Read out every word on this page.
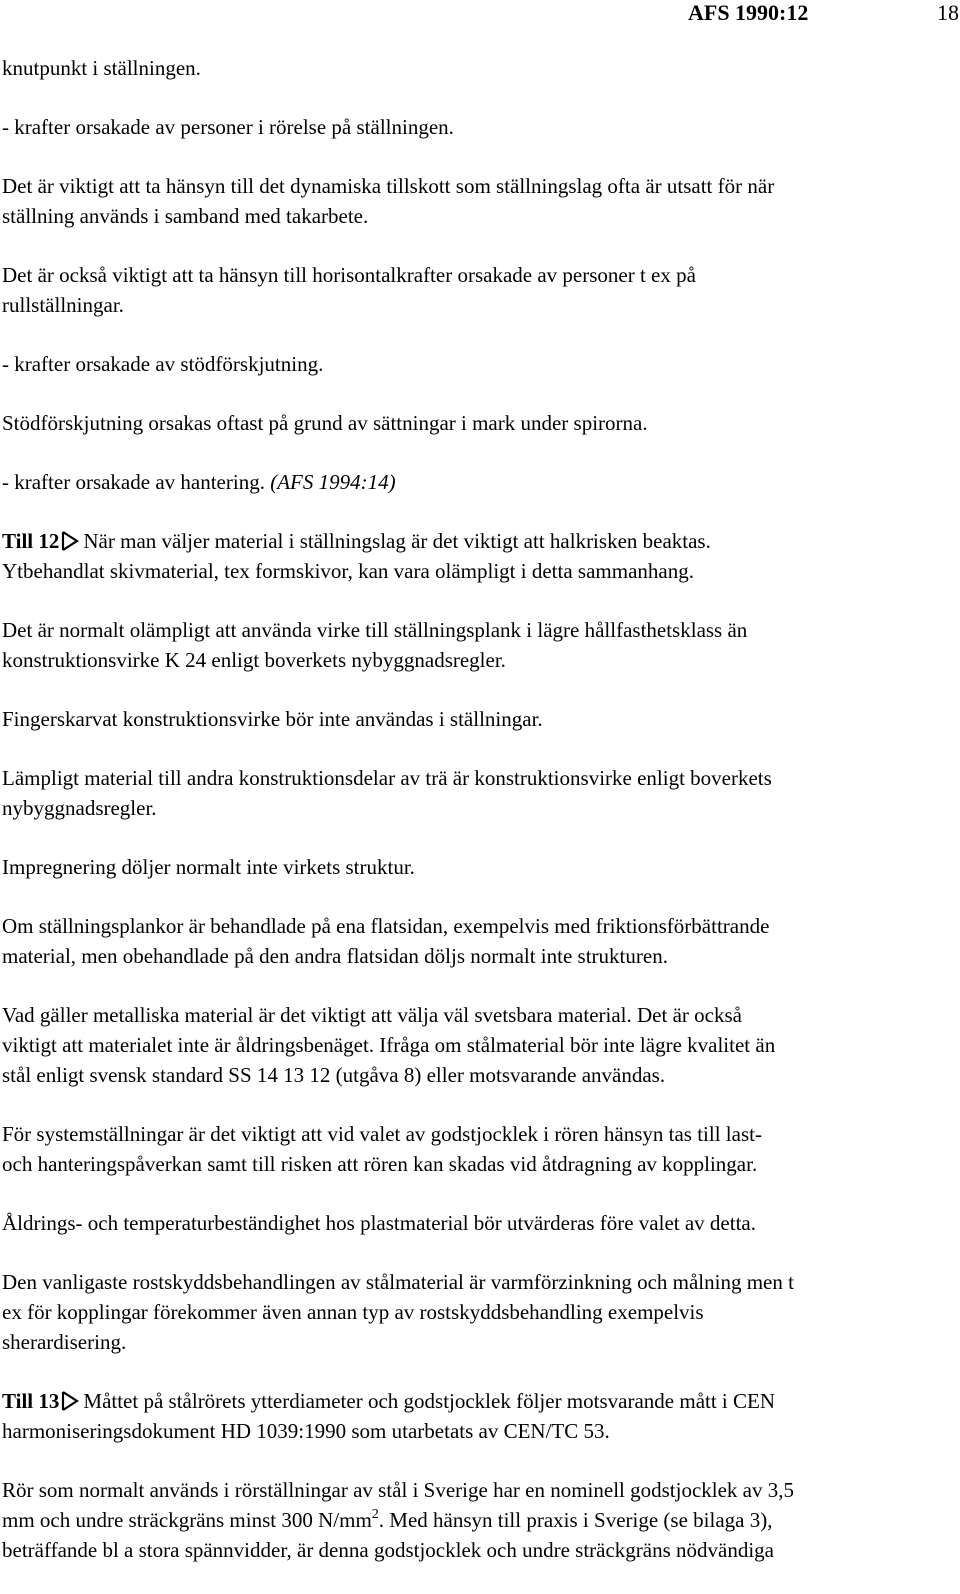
AFS 1990:12	18

knutpunkt i ställningen.

- krafter orsakade av personer i rörelse på ställningen.

Det är viktigt att ta hänsyn till det dynamiska tillskott som ställningslag ofta är utsatt för när
ställning används i samband med takarbete.

Det är också viktigt att ta hänsyn till horisontalkrafter orsakade av personer t ex på
rullställningar.

- krafter orsakade av stödförskjutning.

Stödförskjutning orsakas oftast på grund av sättningar i mark under spirorna.

- krafter orsakade av hantering. (AFS 1994:14)

Till 12 När man väljer material i ställningslag är det viktigt att halkrisken beaktas.

Ytbehandlat skivmaterial, tex formskivor, kan vara olämpligt i detta sammanhang.

Det är normalt olämpligt att använda virke till ställningsplank i lägre hållfasthetsklass än
konstruktionsvirke K 24 enligt boverkets nybyggnadsregler.

Fingerskarvat konstruktionsvirke bör inte användas i ställningar.

Lämpligt material till andra konstruktionsdelar av trä är konstruktionsvirke enligt boverkets
nybyggnadsregler.

Impregnering döljer normalt inte virkets struktur.

Om ställningsplankor är behandlade på ena flatsidan, exempelvis med friktionsförbättrande
material, men obehandlade på den andra flatsidan döljs normalt inte strukturen.

Vad gäller metalliska material är det viktigt att välja väl svetsbara material. Det är också
viktigt att materialet inte är åldringsbenäget. Ifråga om stålmaterial bör inte lägre kvalitet än
stål enligt svensk standard SS 14 13 12 (utgåva 8) eller motsvarande användas.

För systemställningar är det viktigt att vid valet av godstjocklek i rören hänsyn tas till last-
och hanteringspåverkan samt till risken att rören kan skadas vid åtdragning av kopplingar.

Åldrings- och temperaturbeständighet hos plastmaterial bör utvärderas före valet av detta.

Den vanligaste rostskyddsbehandlingen av stålmaterial är varmförzinkning och målning men t
ex för kopplingar förekommer även annan typ av rostskyddsbehandling exempelvis
sherardisering.

Till 13 Måttet på stålrörets ytterdiameter och godstjocklek följer motsvarande mått i CEN
harmoniseringsdokument HD 1039:1990 som utarbetats av CEN/TC 53.

Rör som normalt används i rörställningar av stål i Sverige har en nominell godstjocklek av 3,5
mm och undre sträckgräns minst 300 $N/mm^2$. Med hänsyn till praxis i Sverige (se bilaga 3),
beträffande bl a stora spännvidder, är denna godstjocklek och undre sträckgräns nödvändiga
